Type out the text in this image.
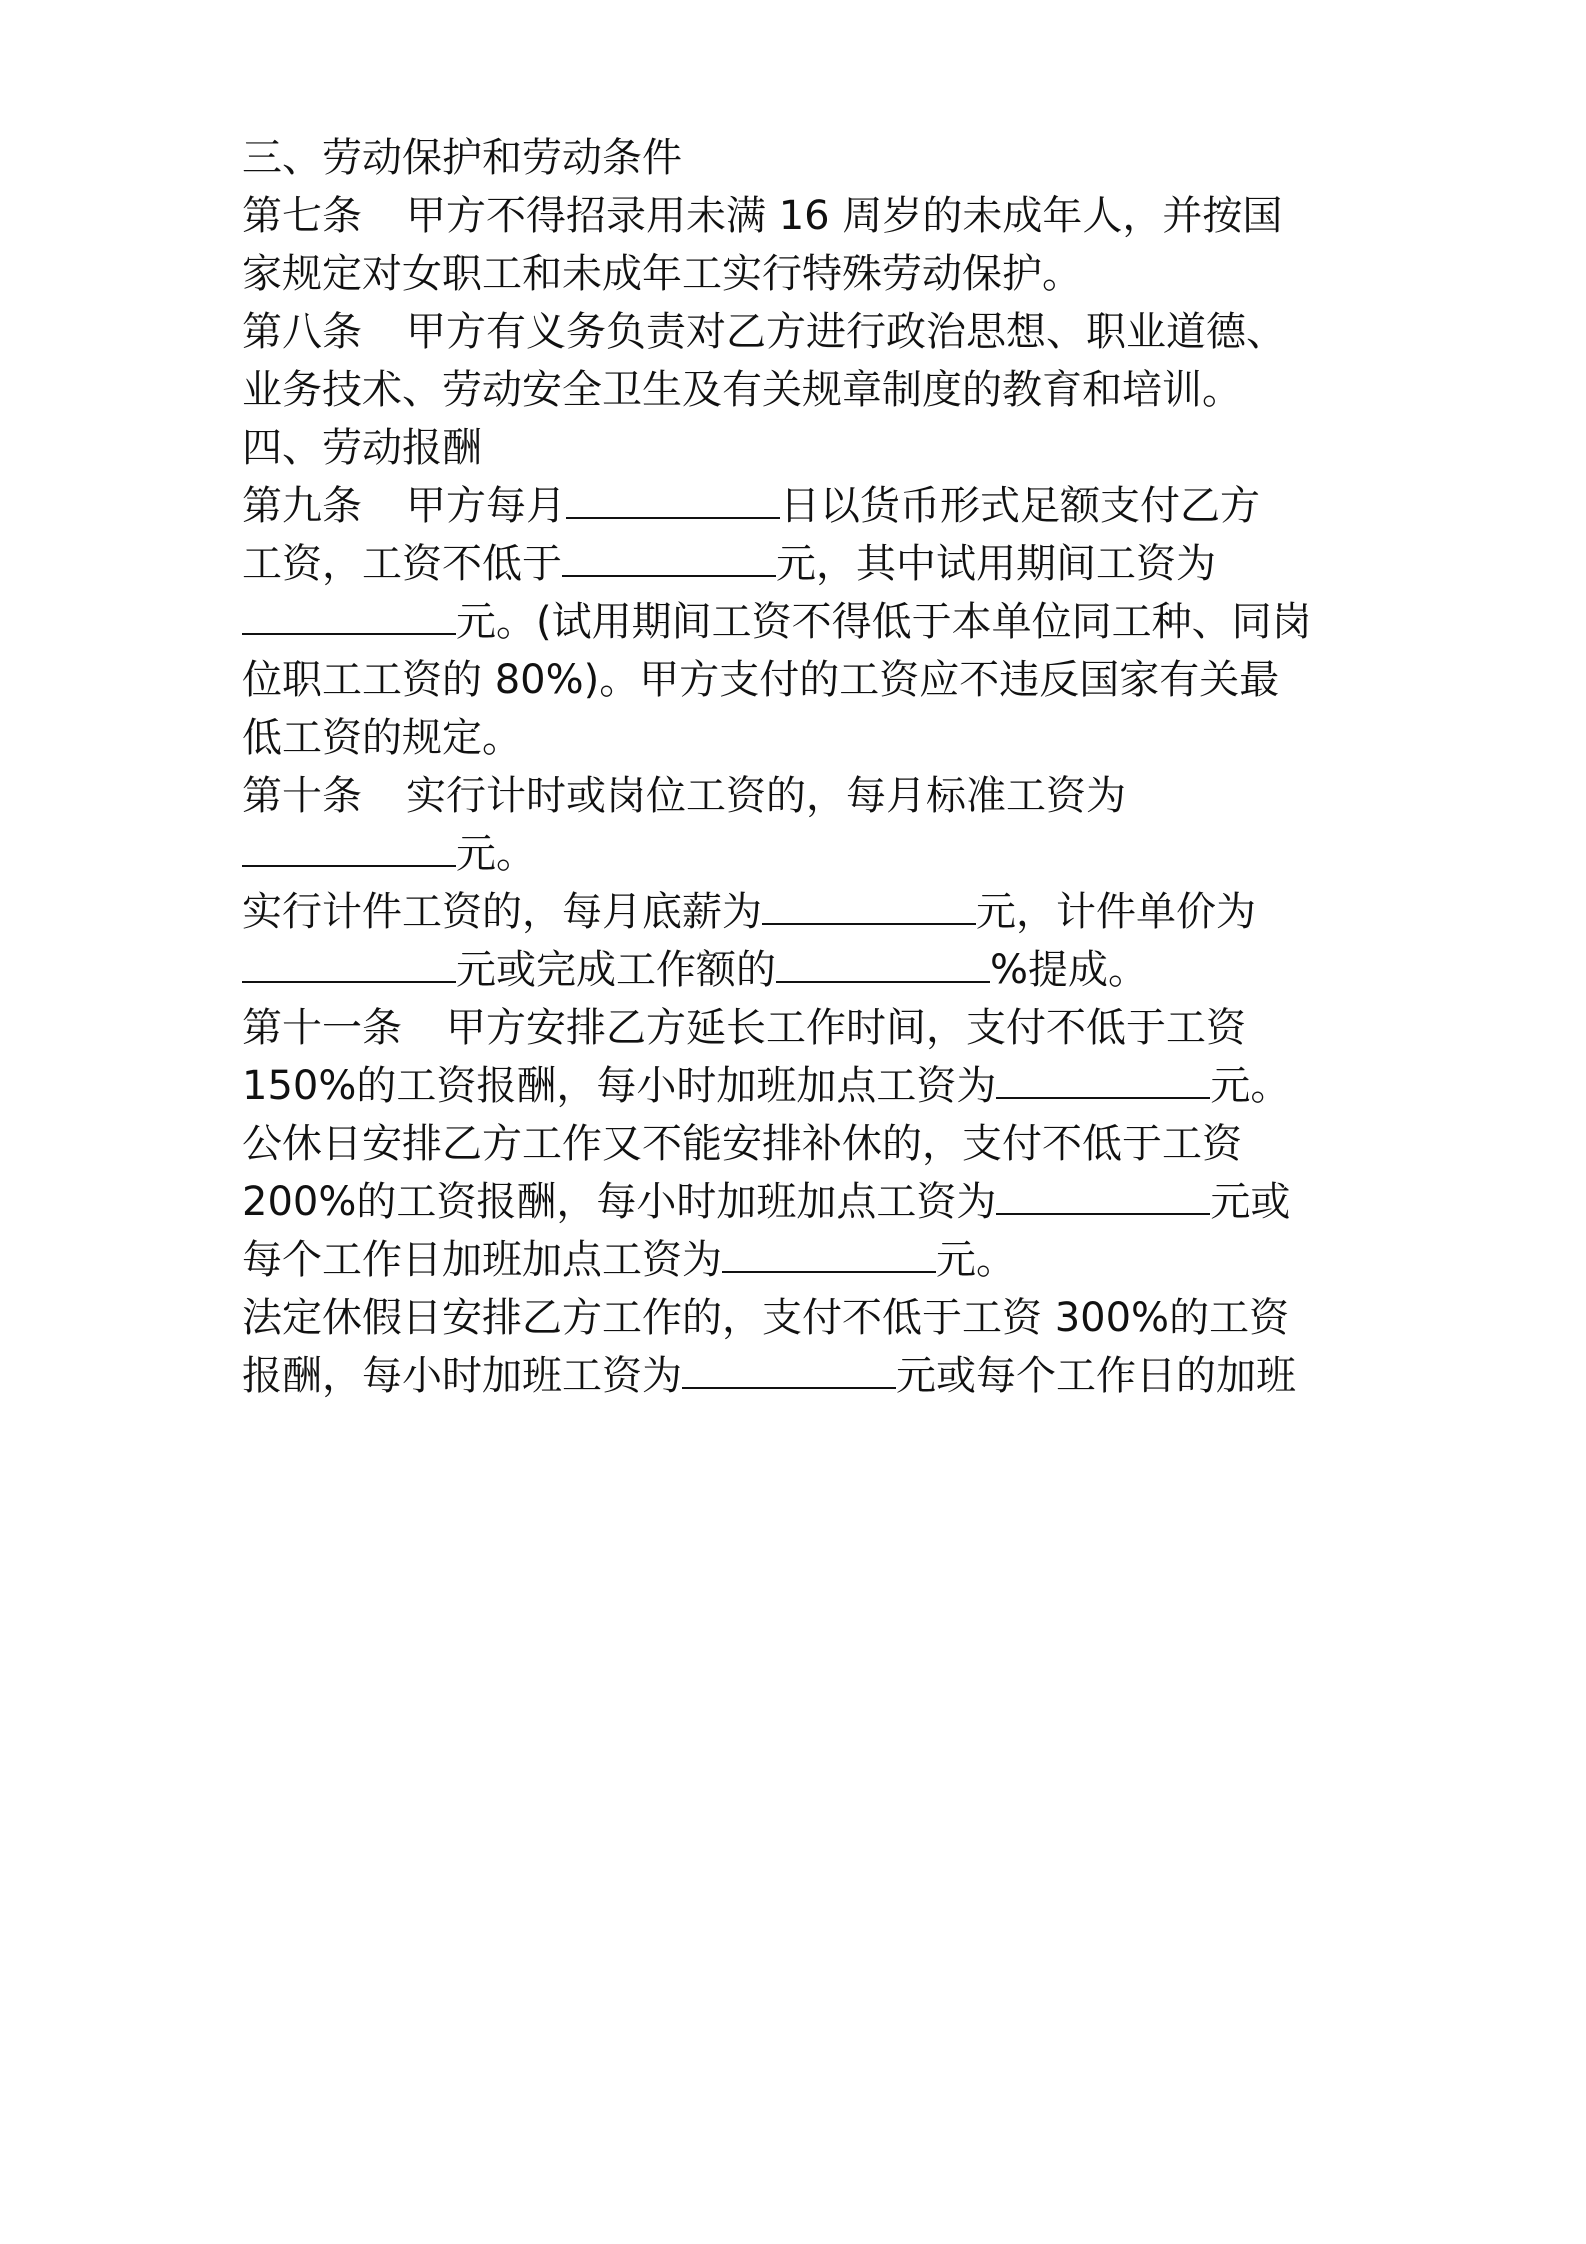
三、劳动保护和劳动条件
第七条 甲方不得招录用未满 16 周岁的未成年人，并按国
家规定对女职工和未成年工实行特殊劳动保护。
第八条 甲方有义务负责对乙方进行政治思想、职业道德、
业务技术、劳动安全卫生及有关规章制度的教育和培训。
四、劳动报酬
第九条 甲方每月	日以货币形式足额支付乙方
工资，工资不低于	元，其中试用期间工资为
元。(试用期间工资不得低于本单位同工种、同岗
位职工工资的 80%)。甲方支付的工资应不违反国家有关最
低工资的规定。
第十条 实行计时或岗位工资的，每月标准工资为
元。
实行计件工资的，每月底薪为	元，计件单价为
元或完成工作额的	%提成。
第十一条 甲方安排乙方延长工作时间，支付不低于工资
150%的工资报酬，每小时加班加点工资为	元。
公休日安排乙方工作又不能安排补休的，支付不低于工资
200%的工资报酬，每小时加班加点工资为	元或
每个工作日加班加点工资为	元。
法定休假日安排乙方工作的，支付不低于工资 300%的工资
报酬，每小时加班工资为	元或每个工作日的加班
